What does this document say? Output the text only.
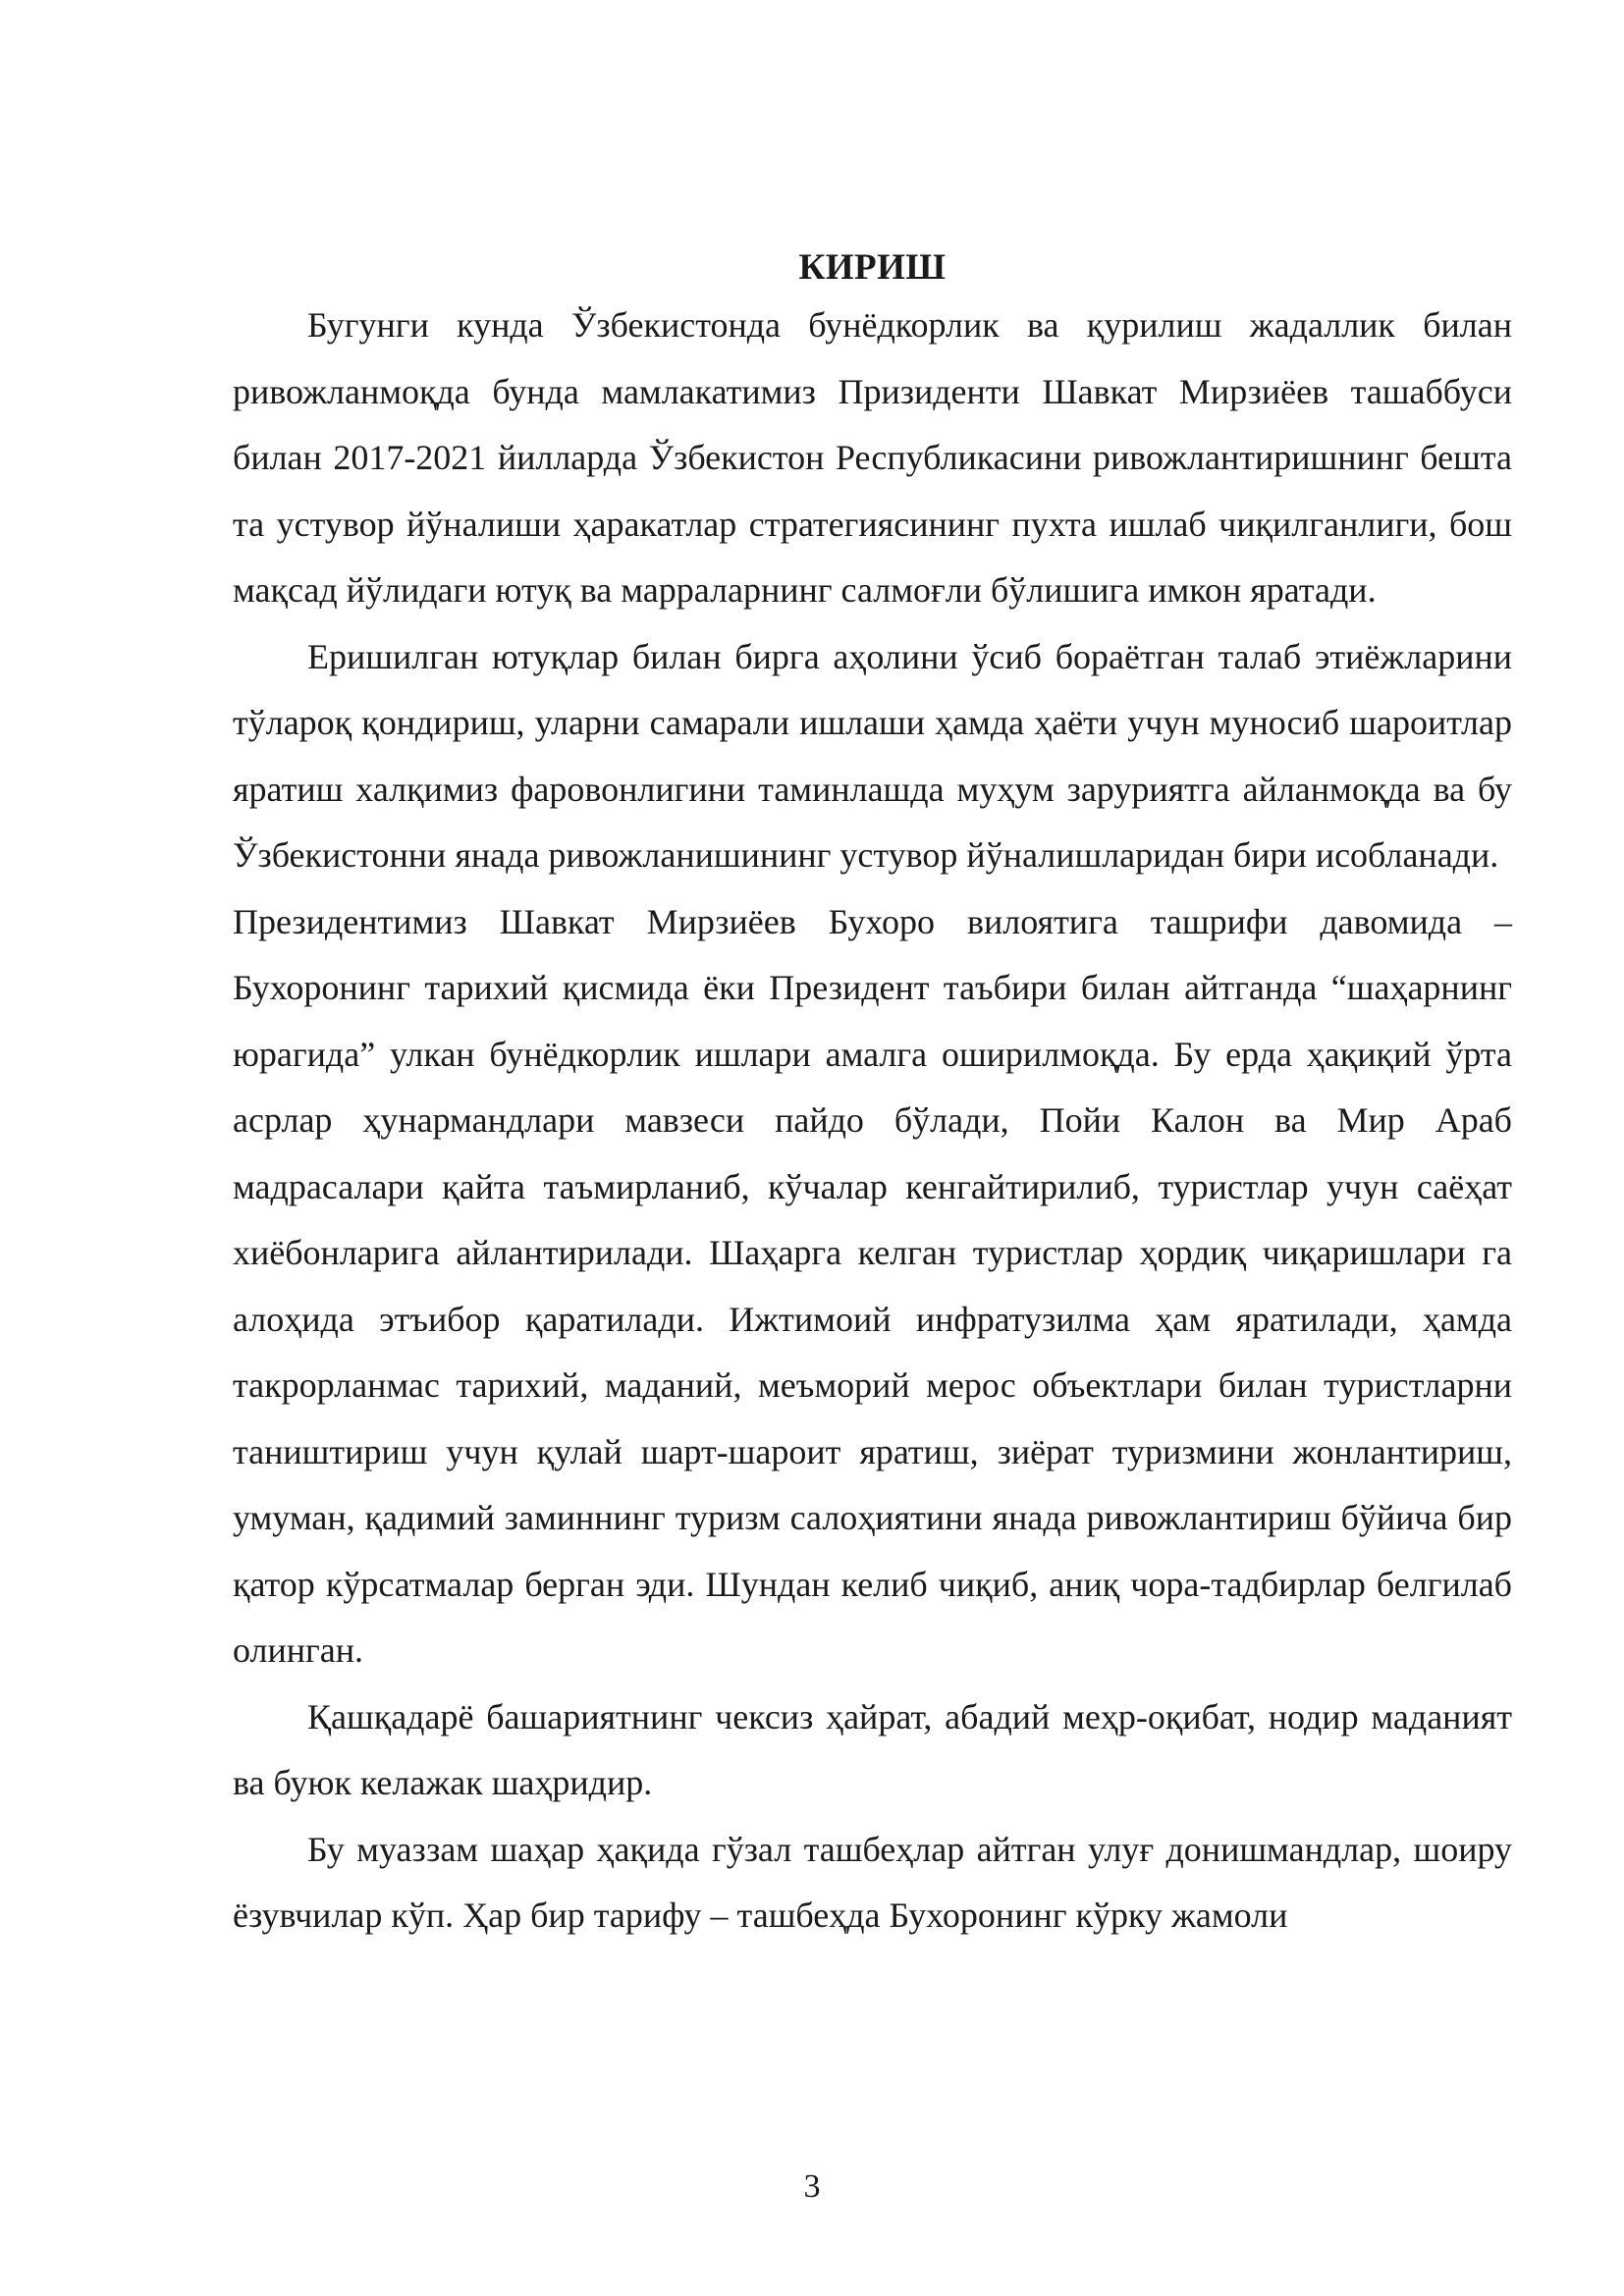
КИРИШ

Бугунги кунда Ўзбекистонда бунёдкорлик ва қурилиш жадаллик билан ривожланмоқда бунда мамлакатимиз Призиденти Шавкат Мирзиёев ташаббуси билан 2017-2021 йилларда Ўзбекистон Республикасини ривожлантиришнинг бешта та устувор йўналиши ҳаракатлар стратегиясининг пухта ишлаб чиқилганлиги, бош мақсад йўлидаги ютуқ ва марраларнинг салмоғли бўлишига имкон яратади.

Еришилган ютуқлар билан бирга аҳолини ўсиб бораётган талаб этиёжларини тўлароқ қондириш, уларни самарали ишлаши ҳамда ҳаёти учун муносиб шароитлар яратиш халқимиз фаровонлигини таминлашда муҳум заруриятга айланмоқда ва бу Ўзбекистонни янада ривожланишининг устувор йўналишларидан бири исобланади.

Президентимиз Шавкат Мирзиёев Бухоро вилоятига ташрифи давомида – Бухоронинг тарихий қисмида ёки Президент таъбири билан айтганда “шаҳарнинг юрагида” улкан бунёдкорлик ишлари амалга оширилмоқда. Бу ерда ҳақиқий ўрта асрлар ҳунармандлари мавзеси пайдо бўлади, Пойи Калон ва Мир Араб мадрасалари қайта таъмирланиб, кўчалар кенгайтирилиб, туристлар учун саёҳат хиёбонларига айлантирилади. Шаҳарга келган туристлар ҳордиқ чиқаришлари га алоҳида этъибор қаратилади. Ижтимоий инфратузилма ҳам яратилади, ҳамда такрорланмас тарихий, маданий, меъморий мерос объектлари билан туристларни таништириш учун қулай шарт-шароит яратиш, зиёрат туризмини жонлантириш, умуман, қадимий заминнинг туризм салоҳиятини янада ривожлантириш бўйича бир қатор кўрсатмалар берган эди. Шундан келиб чиқиб, аниқ чора-тадбирлар белгилаб олинган.

Қашқадарё башариятнинг чексиз ҳайрат, абадий меҳр-оқибат, нодир маданият ва буюк келажак шаҳридир.

Бу муаззам шаҳар ҳақида гўзал ташбеҳлар айтган улуғ донишмандлар, шоиру ёзувчилар кўп. Ҳар бир тарифу – ташбеҳда Бухоронинг кўрку жамоли

3
